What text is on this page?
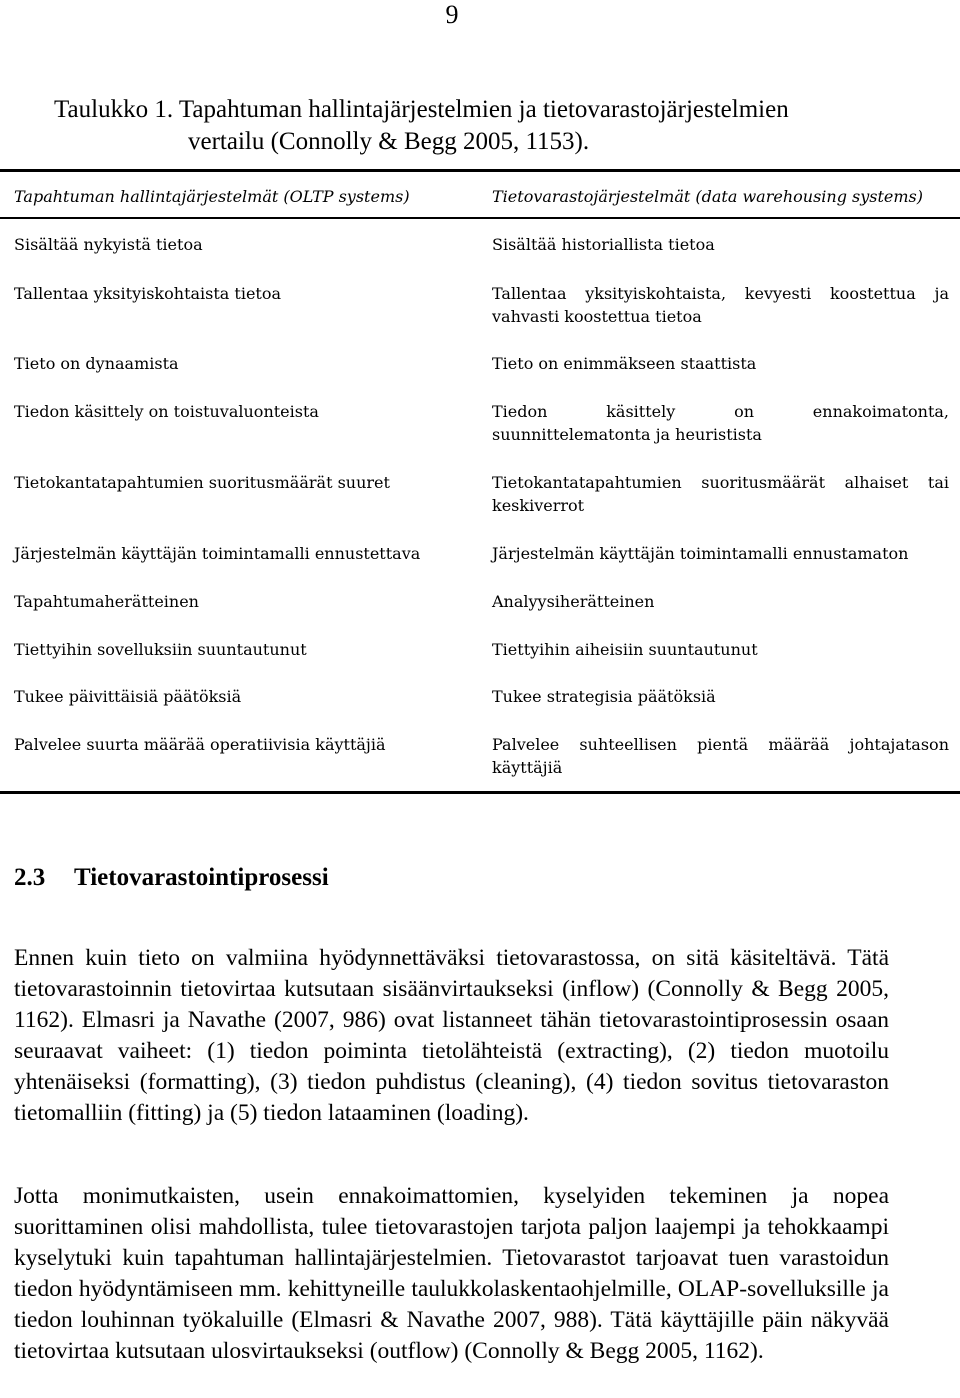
9
Taulukko 1. Tapahtuman hallintajärjestelmien ja tietovarastojärjestelmien
vertailu (Connolly & Begg 2005, 1153).
Tapahtuman hallintajärjestelmät (OLTP systems)	Tietovarastojärjestelmät (data warehousing systems)
Sisältää nykyistä tietoa	Sisältää historiallista tietoa
Tallentaa yksityiskohtaista tietoa	Tallentaa yksityiskohtaista, kevyesti koostettua ja vahvasti koostettua tietoa
Tieto on dynaamista	Tieto on enimmäkseen staattista
Tiedon käsittely on toistuvaluonteista	Tiedon käsittely on ennakoimatonta, suunnittelematonta ja heuristista
Tietokantatapahtumien suoritusmäärät suuret	Tietokantatapahtumien suoritusmäärät alhaiset tai keskiverrot
Järjestelmän käyttäjän toimintamalli ennustettava	Järjestelmän käyttäjän toimintamalli ennustamaton
Tapahtumaherätteinen	Analyysiherätteinen
Tiettyihin sovelluksiin suuntautunut	Tiettyihin aiheisiin suuntautunut
Tukee päivittäisiä päätöksiä	Tukee strategisia päätöksiä
Palvelee suurta määrää operatiivisia käyttäjiä	Palvelee suhteellisen pientä määrää johtajatason käyttäjiä
2.3 Tietovarastointiprosessi

Ennen kuin tieto on valmiina hyödynnettäväksi tietovarastossa, on sitä käsiteltävä. Tätä tietovarastoinnin tietovirtaa kutsutaan sisäänvirtaukseksi (inflow) (Connolly & Begg 2005, 1162). Elmasri ja Navathe (2007, 986) ovat listanneet tähän tietovarastointiprosessin osaan seuraavat vaiheet: (1) tiedon poiminta tietolähteistä (extracting), (2) tiedon muotoilu yhtenäiseksi (formatting), (3) tiedon puhdistus (cleaning), (4) tiedon sovitus tietovaraston tietomalliin (fitting) ja (5) tiedon lataaminen (loading).

Jotta monimutkaisten, usein ennakoimattomien, kyselyiden tekeminen ja nopea suorittaminen olisi mahdollista, tulee tietovarastojen tarjota paljon laajempi ja tehokkaampi kyselytuki kuin tapahtuman hallintajärjestelmien. Tietovarastot tarjoavat tuen varastoidun tiedon hyödyntämiseen mm. kehittyneille taulukkolaskentaohjelmille, OLAP-sovelluksille ja tiedon louhinnan työkaluille (Elmasri & Navathe 2007, 988). Tätä käyttäjille päin näkyvää tietovirtaa kutsutaan ulosvirtaukseksi (outflow) (Connolly & Begg 2005, 1162).
